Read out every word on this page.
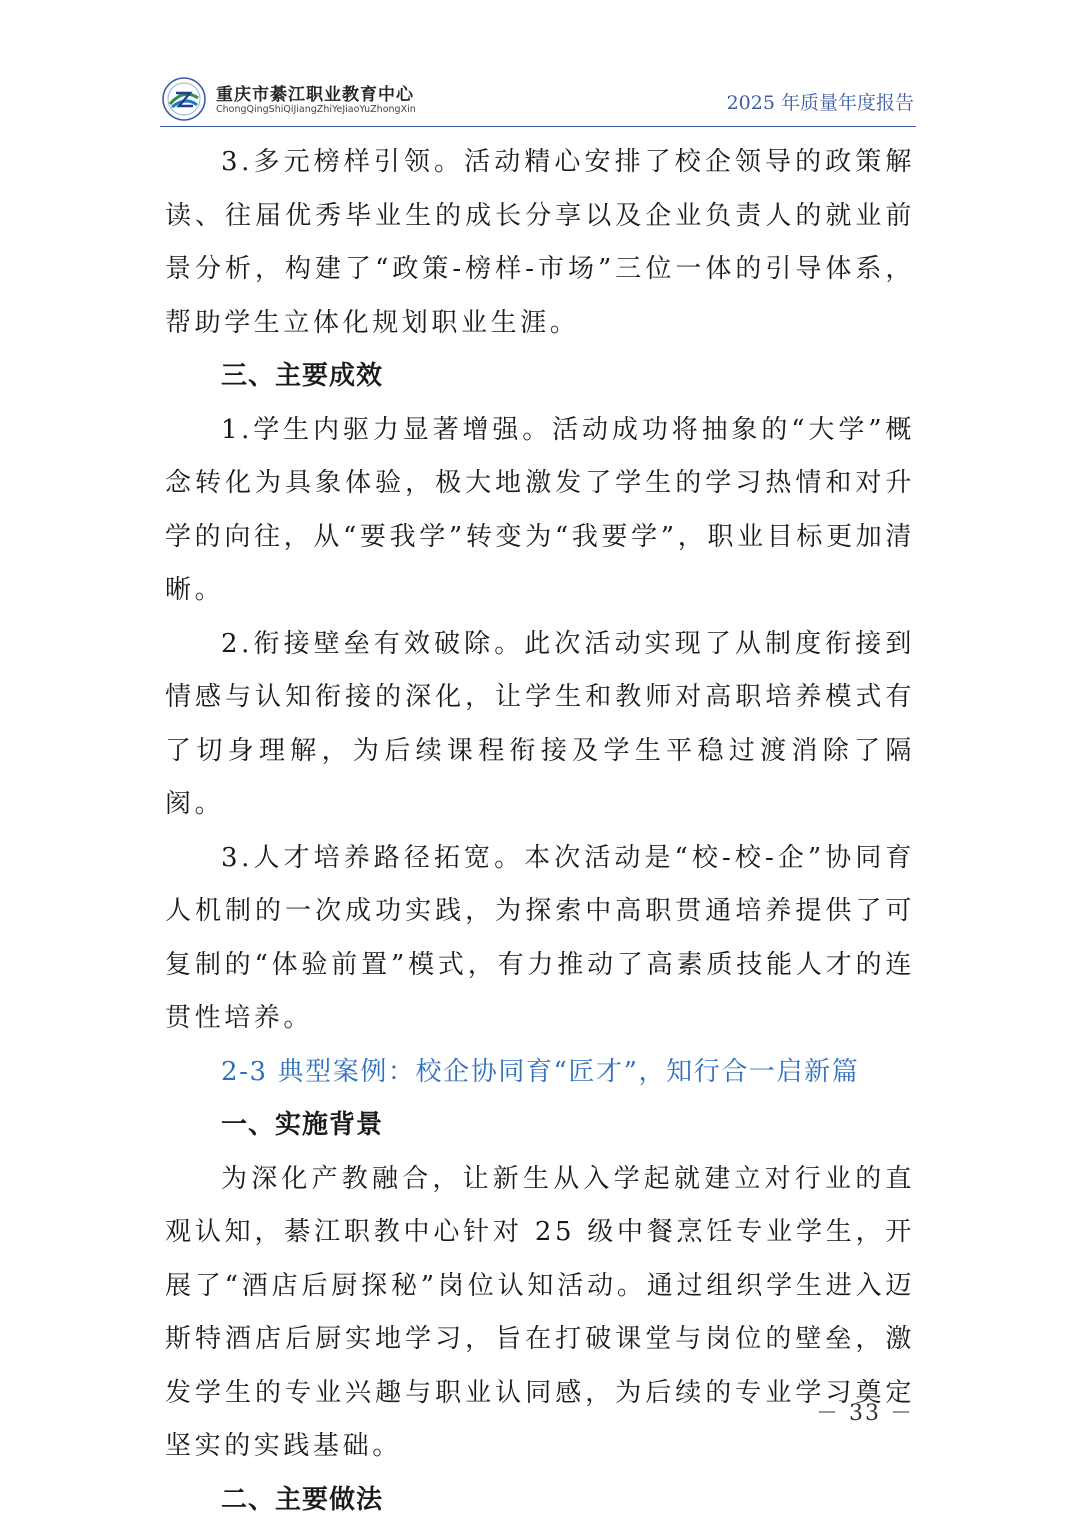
重庆市綦江职业教育中心
ChongQingShiQiJiangZhiYeJiaoYuZhongXin	2025 年质量年度报告

3.多元榜样引领。活动精心安排了校企领导的政策解读、往届优秀毕业生的成长分享以及企业负责人的就业前景分析，构建了“政策-榜样-市场”三位一体的引导体系，帮助学生立体化规划职业生涯。

三、主要成效

1.学生内驱力显著增强。活动成功将抽象的“大学”概念转化为具象体验，极大地激发了学生的学习热情和对升学的向往，从“要我学”转变为“我要学”，职业目标更加清晰。

2.衔接壁垒有效破除。此次活动实现了从制度衔接到情感与认知衔接的深化，让学生和教师对高职培养模式有了切身理解，为后续课程衔接及学生平稳过渡消除了隔阂。

3.人才培养路径拓宽。本次活动是“校-校-企”协同育人机制的一次成功实践，为探索中高职贯通培养提供了可复制的“体验前置”模式，有力推动了高素质技能人才的连贯性培养。

2-3 典型案例：校企协同育“匠才”，知行合一启新篇

一、实施背景

为深化产教融合，让新生从入学起就建立对行业的直观认知，綦江职教中心针对 25 级中餐烹饪专业学生，开展了“酒店后厨探秘”岗位认知活动。通过组织学生进入迈斯特酒店后厨实地学习，旨在打破课堂与岗位的壁垒，激发学生的专业兴趣与职业认同感，为后续的专业学习奠定坚实的实践基础。

二、主要做法

－ 33 －
